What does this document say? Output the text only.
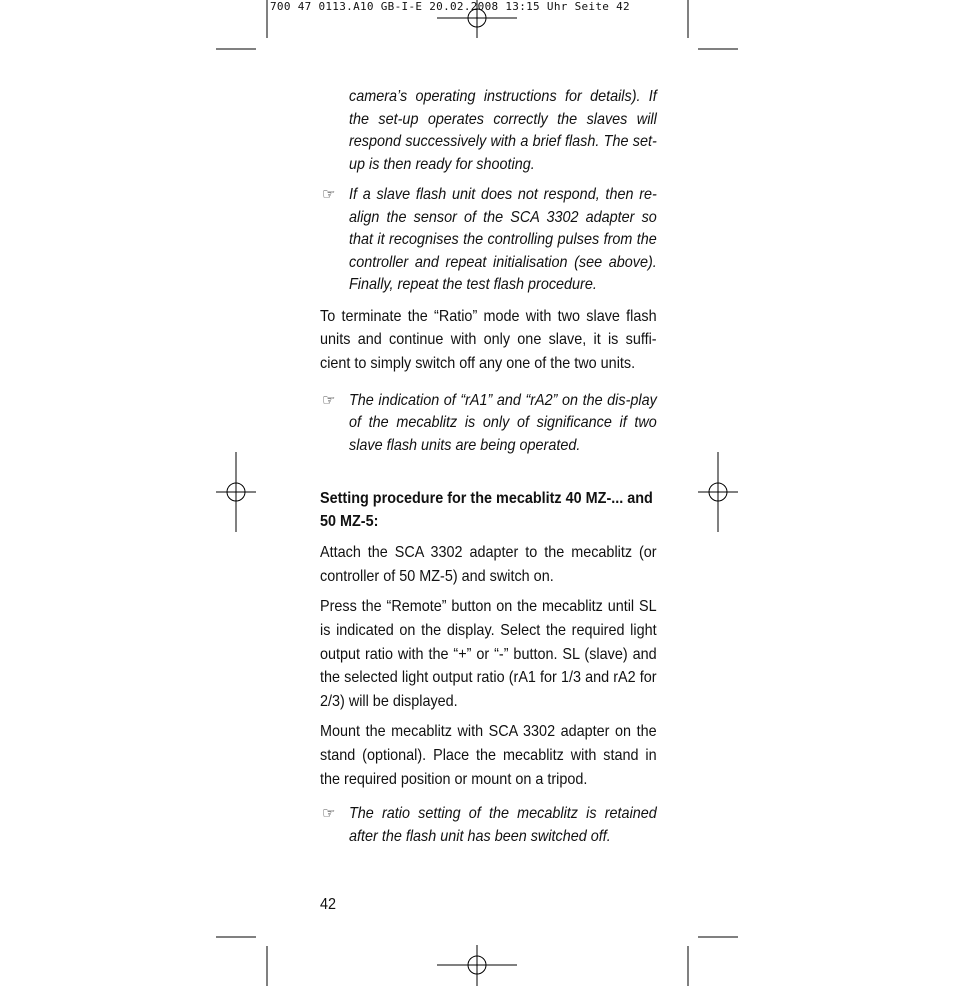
700 47 0113.A10 GB-I-E 20.02.2008 13:15 Uhr Seite 42

camera’s operating instructions for details). If the set-up operates correctly the slaves will respond successively with a brief flash. The set-up is then ready for shooting.

☞ If a slave flash unit does not respond, then re-align the sensor of the SCA 3302 adapter so that it recognises the controlling pulses from the controller and repeat initialisation (see above). Finally, repeat the test flash procedure.

To terminate the “Ratio” mode with two slave flash units and continue with only one slave, it is suffi-cient to simply switch off any one of the two units.

☞ The indication of “rA1” and “rA2” on the dis-play of the mecablitz is only of significance if two slave flash units are being operated.

Setting procedure for the mecablitz 40 MZ-... and 50 MZ-5:

Attach the SCA 3302 adapter to the mecablitz (or controller of 50 MZ-5) and switch on.

Press the “Remote” button on the mecablitz until SL is indicated on the display. Select the required light output ratio with the “+” or “-” button. SL (slave) and the selected light output ratio (rA1 for 1/3 and rA2 for 2/3) will be displayed.

Mount the mecablitz with SCA 3302 adapter on the stand (optional). Place the mecablitz with stand in the required position or mount on a tripod.

☞ The ratio setting of the mecablitz is retained after the flash unit has been switched off.

42
